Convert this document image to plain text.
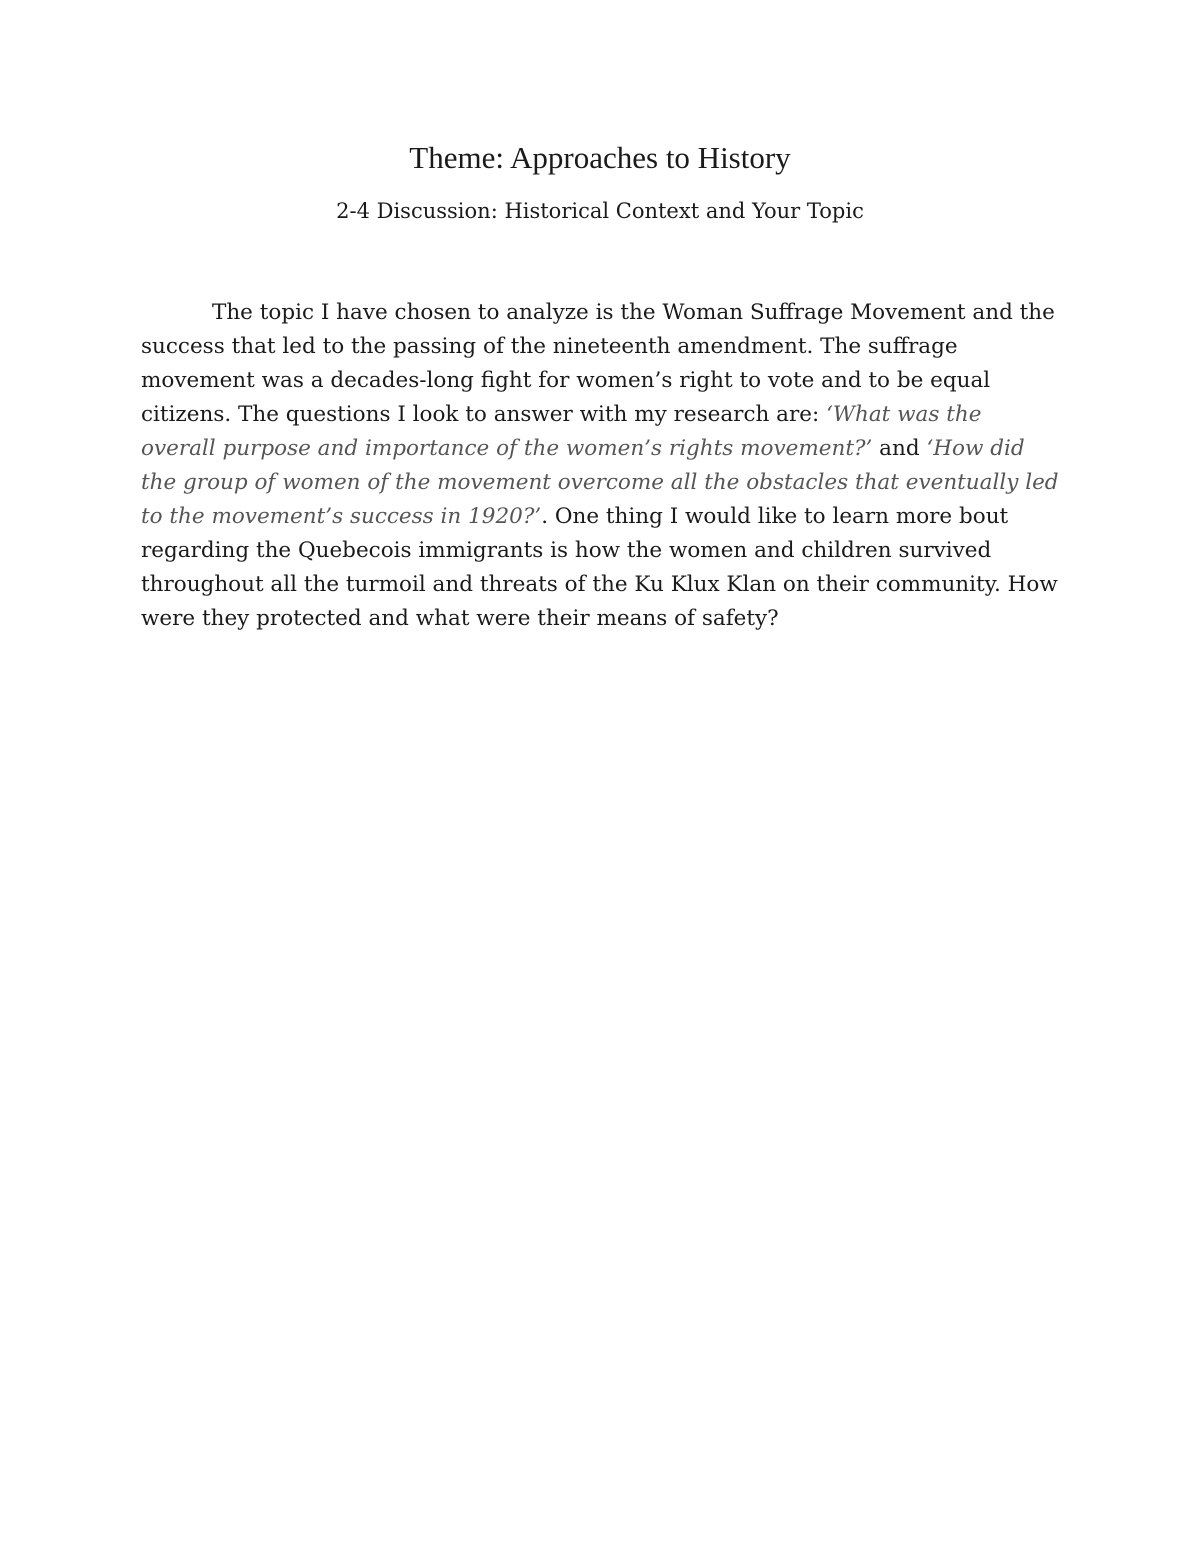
Theme: Approaches to History
2-4 Discussion: Historical Context and Your Topic

The topic I have chosen to analyze is the Woman Suffrage Movement and the success that led to the passing of the nineteenth amendment. The suffrage movement was a decades-long fight for women’s right to vote and to be equal citizens. The questions I look to answer with my research are: ‘What was the overall purpose and importance of the women’s rights movement?’ and ‘How did the group of women of the movement overcome all the obstacles that eventually led to the movement’s success in 1920?’. One thing I would like to learn more bout regarding the Quebecois immigrants is how the women and children survived throughout all the turmoil and threats of the Ku Klux Klan on their community. How were they protected and what were their means of safety?
